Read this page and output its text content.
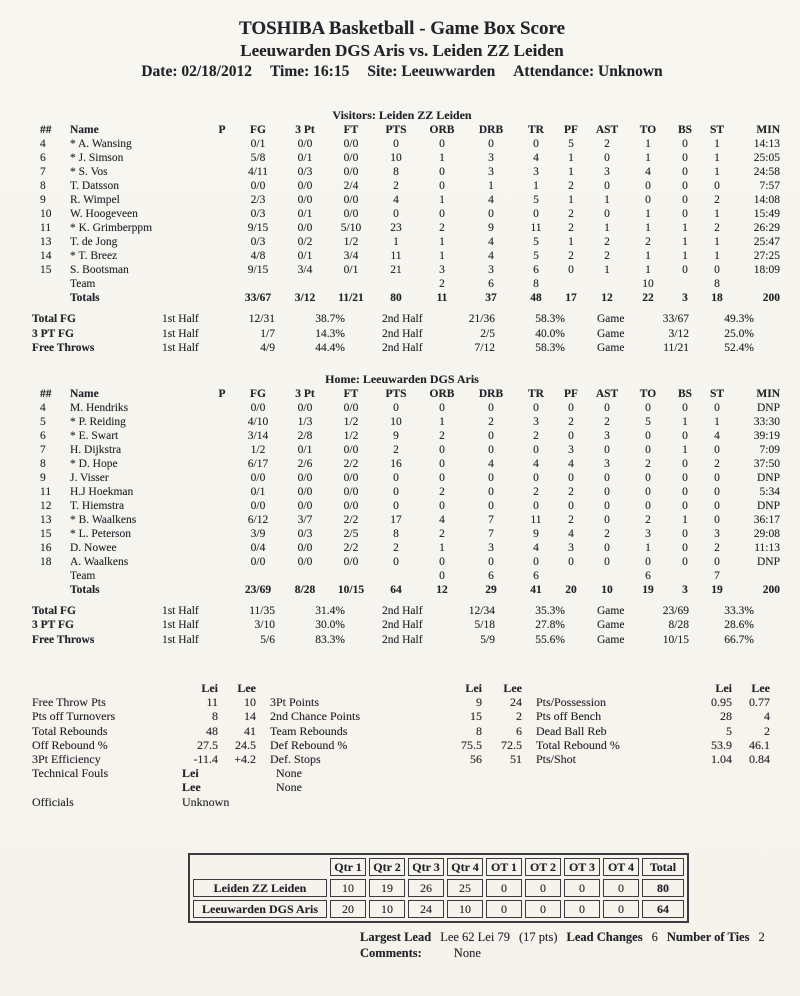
TOSHIBA Basketball - Game Box Score
Leeuwarden DGS Aris vs. Leiden ZZ Leiden
Date: 02/18/2012 Time: 16:15 Site: Leeuwwarden Attendance: Unknown
Visitors: Leiden ZZ Leiden
##	Name	P	FG	3 Pt	FT	PTS	ORB	DRB	TR	PF	AST	TO	BS	ST	MIN
4	* A. Wansing		0/1	0/0	0/0	0	0	0	0	5	2	1	0	1	14:13
6	* J. Simson		5/8	0/1	0/0	10	1	3	4	1	0	1	0	1	25:05
7	* S. Vos		4/11	0/3	0/0	8	0	3	3	1	3	4	0	1	24:58
8	T. Datsson		0/0	0/0	2/4	2	0	1	1	2	0	0	0	0	7:57
9	R. Wimpel		2/3	0/0	0/0	4	1	4	5	1	1	0	0	2	14:08
10	W. Hoogeveen		0/3	0/1	0/0	0	0	0	0	2	0	1	0	1	15:49
11	* K. Grimberppm		9/15	0/0	5/10	23	2	9	11	2	1	1	1	2	26:29
13	T. de Jong		0/3	0/2	1/2	1	1	4	5	1	2	2	1	1	25:47
14	* T. Breez		4/8	0/1	3/4	11	1	4	5	2	2	1	1	1	27:25
15	S. Bootsman		9/15	3/4	0/1	21	3	3	6	0	1	1	0	0	18:09
	Team						2	6	8			10		8	
	Totals		33/67	3/12	11/21	80	11	37	48	17	12	22	3	18	200
Total FG	1st Half	12/31	38.7%	2nd Half	21/36	58.3%	Game	33/67	49.3%
3 PT FG	1st Half	1/7	14.3%	2nd Half	2/5	40.0%	Game	3/12	25.0%
Free Throws	1st Half	4/9	44.4%	2nd Half	7/12	58.3%	Game	11/21	52.4%
Home: Leeuwarden DGS Aris
##	Name	P	FG	3 Pt	FT	PTS	ORB	DRB	TR	PF	AST	TO	BS	ST	MIN
4	M. Hendriks		0/0	0/0	0/0	0	0	0	0	0	0	0	0	0	DNP
5	* P. Reiding		4/10	1/3	1/2	10	1	2	3	2	2	5	1	1	33:30
6	* E. Swart		3/14	2/8	1/2	9	2	0	2	0	3	0	0	4	39:19
7	H. Dijkstra		1/2	0/1	0/0	2	0	0	0	3	0	0	1	0	7:09
8	* D. Hope		6/17	2/6	2/2	16	0	4	4	4	3	2	0	2	37:50
9	J. Visser		0/0	0/0	0/0	0	0	0	0	0	0	0	0	0	DNP
11	H.J Hoekman		0/1	0/0	0/0	0	2	0	2	2	0	0	0	0	5:34
12	T. Hiemstra		0/0	0/0	0/0	0	0	0	0	0	0	0	0	0	DNP
13	* B. Waalkens		6/12	3/7	2/2	17	4	7	11	2	0	2	1	0	36:17
15	* L. Peterson		3/9	0/3	2/5	8	2	7	9	4	2	3	0	3	29:08
16	D. Nowee		0/4	0/0	2/2	2	1	3	4	3	0	1	0	2	11:13
18	A. Waalkens		0/0	0/0	0/0	0	0	0	0	0	0	0	0	0	DNP
	Team						0	6	6			6		7	
	Totals		23/69	8/28	10/15	64	12	29	41	20	10	19	3	19	200
Total FG	1st Half	11/35	31.4%	2nd Half	12/34	35.3%	Game	23/69	33.3%
3 PT FG	1st Half	3/10	30.0%	2nd Half	5/18	27.8%	Game	8/28	28.6%
Free Throws	1st Half	5/6	83.3%	2nd Half	5/9	55.6%	Game	10/15	66.7%
Lei	Lee	Lei	Lee	Lei	Lee
Free Throw Pts	11	10	3Pt Points	9	24	Pts/Possession	0.95	0.77
Pts off Turnovers	8	14	2nd Chance Points	15	2	Pts off Bench	28	4
Total Rebounds	48	41	Team Rebounds	8	6	Dead Ball Reb	5	2
Off Rebound %	27.5	24.5	Def Rebound %	75.5	72.5	Total Rebound %	53.9	46.1
3Pt Efficiency	-11.4	+4.2	Def. Stops	56	51	Pts/Shot	1.04	0.84
Technical Fouls	Lei	None
Lee	None
Officials	Unknown
	Qtr 1	Qtr 2	Qtr 3	Qtr 4	OT 1	OT 2	OT 3	OT 4	Total
Leiden ZZ Leiden	10	19	26	25	0	0	0	0	80
Leeuwarden DGS Aris	20	10	24	10	0	0	0	0	64
Largest Lead Lee 62 Lei 79 (17 pts) Lead Changes 6 Number of Ties 2
Comments:	None
